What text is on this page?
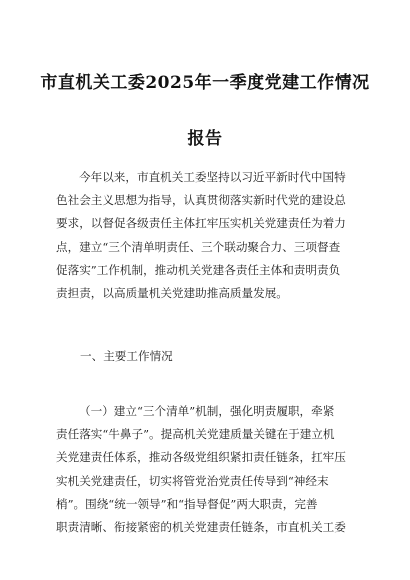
市直机关工委2025年一季度党建工作情况
报告
今年以来，市直机关工委坚持以习近平新时代中国特
色社会主义思想为指导，认真贯彻落实新时代党的建设总
要求，以督促各级责任主体扛牢压实机关党建责任为着力
点，建立“三个清单明责任、三个联动聚合力、三项督查
促落实”工作机制，推动机关党建各责任主体和责明责负
责担责，以高质量机关党建助推高质量发展。
一、主要工作情况
（一）建立“三个清单”机制，强化明责履职，牵紧
责任落实“牛鼻子”。提高机关党建质量关键在于建立机
关党建责任体系，推动各级党组织紧扣责任链条，扛牢压
实机关党建责任，切实将管党治党责任传导到“神经末
梢”。围绕“统一领导”和“指导督促”两大职责，完善
职责清晰、衔接紧密的机关党建责任链条，市直机关工委
